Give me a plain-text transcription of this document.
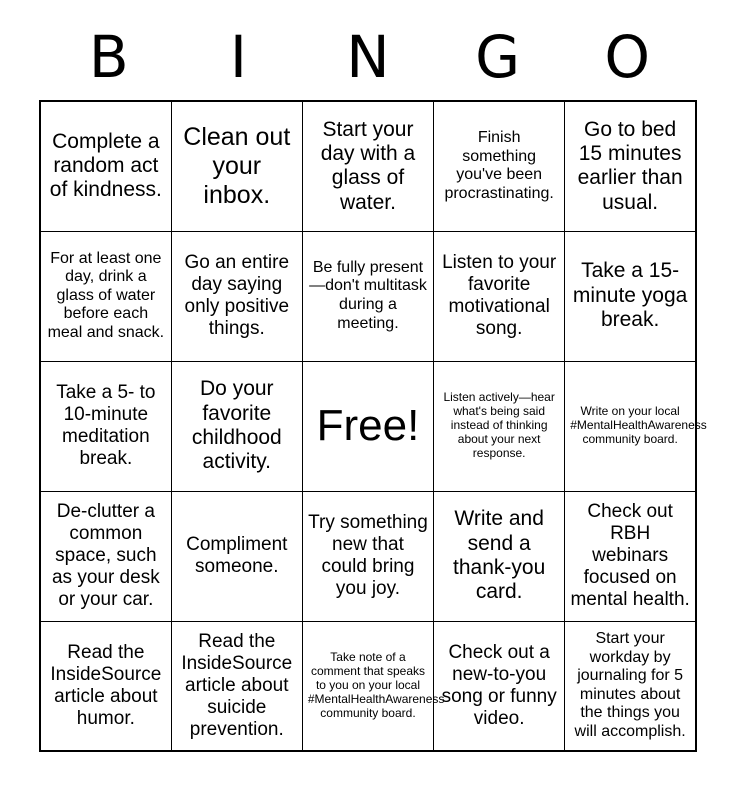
B	I	N	G	O
Complete a random act of kindness.	Clean out your inbox.	Start your day with a glass of water.	Finish something you've been procrastinating.	Go to bed 15 minutes earlier than usual.
For at least one day, drink a glass of water before each meal and snack.	Go an entire day saying only positive things.	Be fully present—don't multitask during a meeting.	Listen to your favorite motivational song.	Take a 15-minute yoga break.
Take a 5- to 10-minute meditation break.	Do your favorite childhood activity.	Free!	Listen actively—hear what's being said instead of thinking about your next response.	Write on your local #MentalHealthAwareness community board.
De-clutter a common space, such as your desk or your car.	Compliment someone.	Try something new that could bring you joy.	Write and send a thank-you card.	Check out RBH webinars focused on mental health.
Read the InsideSource article about humor.	Read the InsideSource article about suicide prevention.	Take note of a comment that speaks to you on your local #MentalHealthAwareness community board.	Check out a new-to-you song or funny video.	Start your workday by journaling for 5 minutes about the things you will accomplish.
